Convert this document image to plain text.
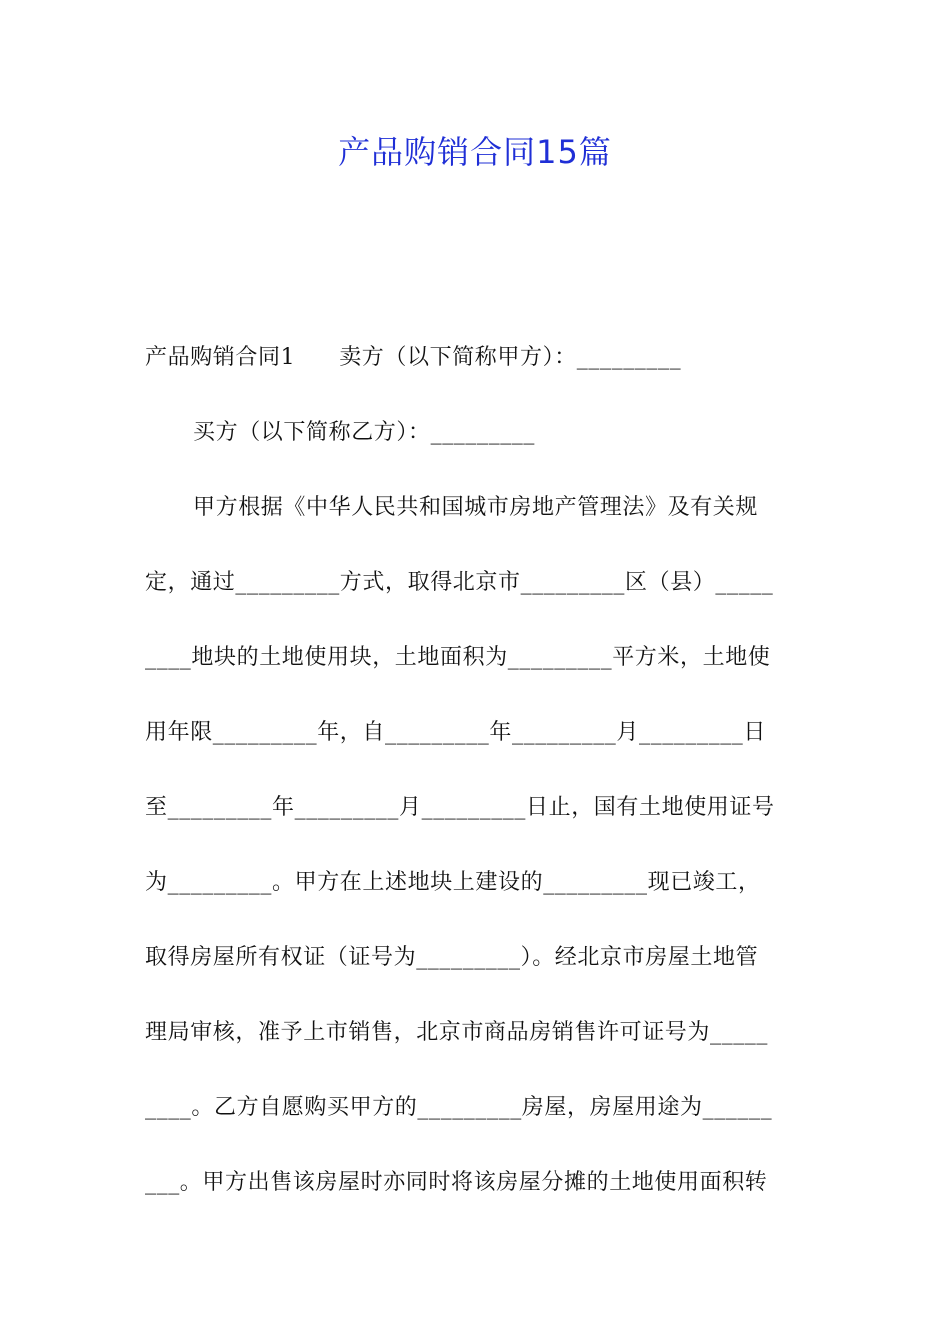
产品购销合同15篇
产品购销合同1 卖方（以下简称甲方）：_________
买方（以下简称乙方）：_________
甲方根据《中华人民共和国城市房地产管理法》及有关规
定，通过_________方式，取得北京市_________区（县）_____
____地块的土地使用块，土地面积为_________平方米，土地使
用年限_________年，自_________年_________月_________日
至_________年_________月_________日止，国有土地使用证号
为_________。甲方在上述地块上建设的_________现已竣工，
取得房屋所有权证（证号为_________）。经北京市房屋土地管
理局审核，准予上市销售，北京市商品房销售许可证号为_____
____。乙方自愿购买甲方的_________房屋，房屋用途为______
___。甲方出售该房屋时亦同时将该房屋分摊的土地使用面积转
